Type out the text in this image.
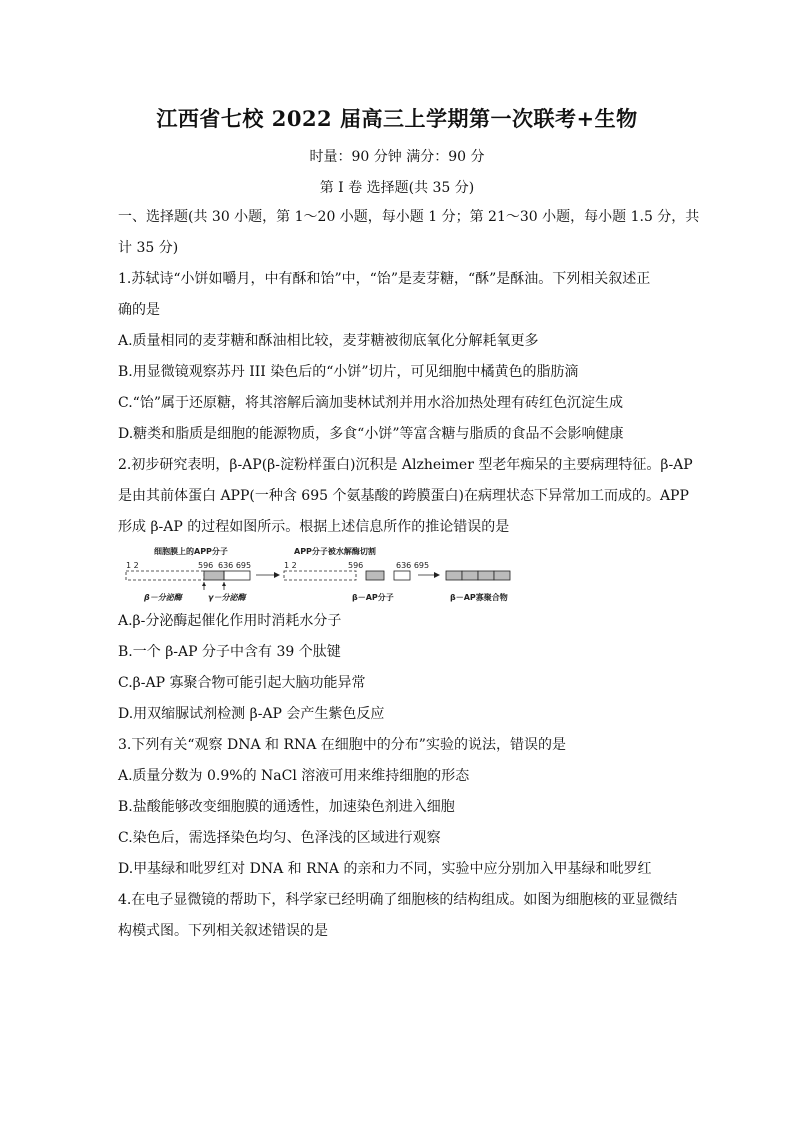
江西省七校 2022 届高三上学期第一次联考+生物
时量：90 分钟 满分：90 分
第 I 卷 选择题(共 35 分)
一、选择题(共 30 小题，第 1～20 小题，每小题 1 分；第 21～30 小题，每小题 1.5 分，共
计 35 分)
1.苏轼诗“小饼如嚼月，中有酥和饴”中，“饴”是麦芽糖，“酥”是酥油。下列相关叙述正
确的是
A.质量相同的麦芽糖和酥油相比较，麦芽糖被彻底氧化分解耗氧更多
B.用显微镜观察苏丹 III 染色后的“小饼”切片，可见细胞中橘黄色的脂肪滴
C.“饴”属于还原糖，将其溶解后滴加斐林试剂并用水浴加热处理有砖红色沉淀生成
D.糖类和脂质是细胞的能源物质，多食“小饼”等富含糖与脂质的食品不会影响健康
2.初步研究表明，β-AP(β-淀粉样蛋白)沉积是 Alzheimer 型老年痴呆的主要病理特征。β-AP
是由其前体蛋白 APP(一种含 695 个氨基酸的跨膜蛋白)在病理状态下异常加工而成的。APP
形成 β-AP 的过程如图所示。根据上述信息所作的推论错误的是
细胞膜上的APP分子
1 2	596 636 695
β－分泌酶	γ－分泌酶
APP分子被水解酶切割
1 2	596	636 695
β－AP分子	β－AP寡聚合物
A.β-分泌酶起催化作用时消耗水分子
B.一个 β-AP 分子中含有 39 个肽键
C.β-AP 寡聚合物可能引起大脑功能异常
D.用双缩脲试剂检测 β-AP 会产生紫色反应
3.下列有关“观察 DNA 和 RNA 在细胞中的分布”实验的说法，错误的是
A.质量分数为 0.9%的 NaCl 溶液可用来维持细胞的形态
B.盐酸能够改变细胞膜的通透性，加速染色剂进入细胞
C.染色后，需选择染色均匀、色泽浅的区域进行观察
D.甲基绿和吡罗红对 DNA 和 RNA 的亲和力不同，实验中应分别加入甲基绿和吡罗红
4.在电子显微镜的帮助下，科学家已经明确了细胞核的结构组成。如图为细胞核的亚显微结
构模式图。下列相关叙述错误的是
